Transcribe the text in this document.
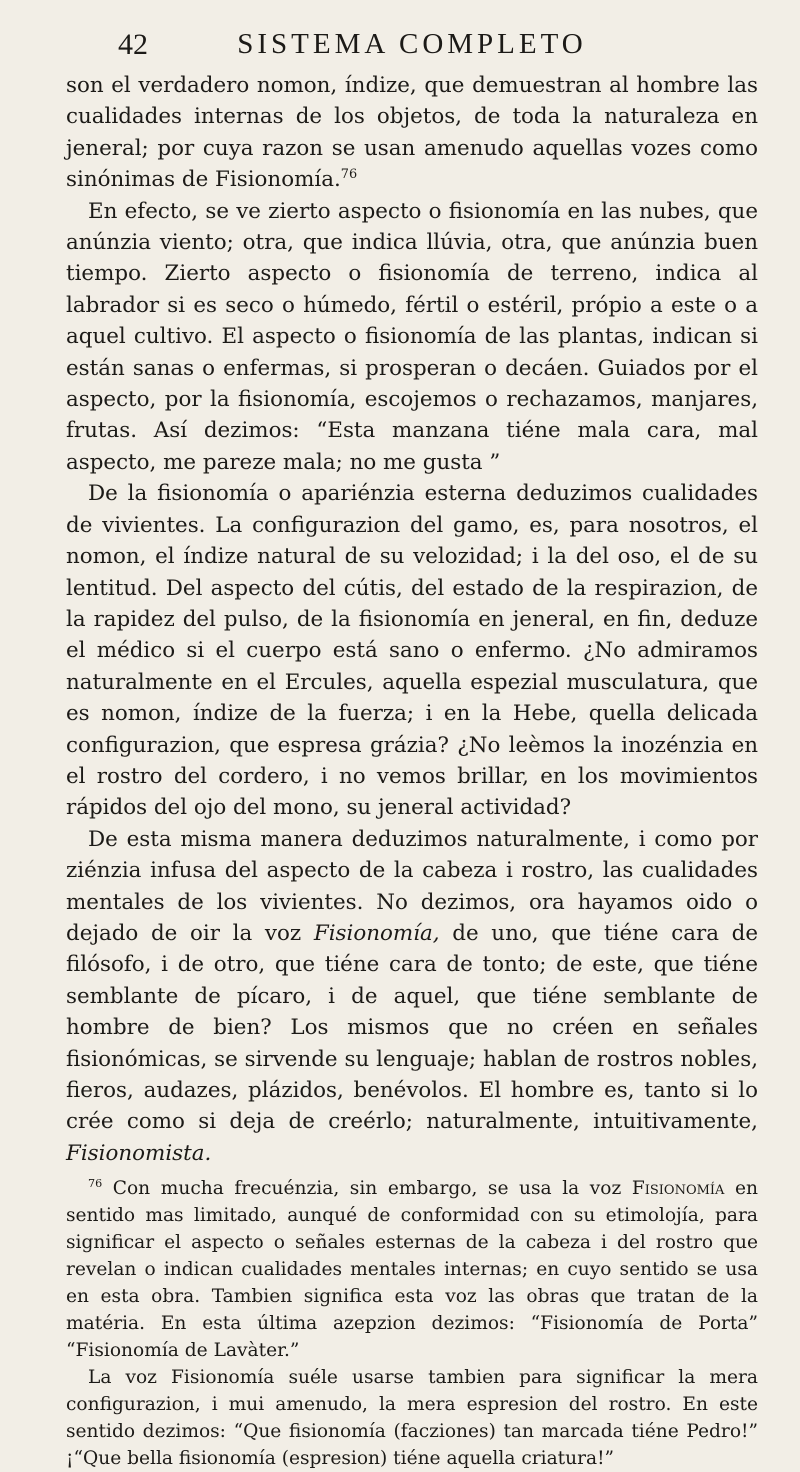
42	SISTEMA COMPLETO

son el verdadero nomon, índize, que demuestran al hombre las cualidades internas de los objetos, de toda la naturaleza en jeneral; por cuya razon se usan amenudo aquellas vozes como sinónimas de Fisionomía.$^{76}$

En efecto, se ve zierto aspecto o fisionomía en las nubes, que anúnzia viento; otra, que indica llúvia, otra, que anúnzia buen tiempo. Zierto aspecto o fisionomía de terreno, indica al labrador si es seco o húmedo, fértil o estéril, própio a este o a aquel cultivo. El aspecto o fisionomía de las plantas, indican si están sanas o enfermas, si prosperan o decáen. Guiados por el aspecto, por la fisionomía, escojemos o rechazamos, manjares, frutas. Así dezimos: “Esta manzana tiéne mala cara, mal aspecto, me pareze mala; no me gusta ”

De la fisionomía o apariénzia esterna deduzimos cualidades de vivientes. La configurazion del gamo, es, para nosotros, el nomon, el índize natural de su velozidad; i la del oso, el de su lentitud. Del aspecto del cútis, del estado de la respirazion, de la rapidez del pulso, de la fisionomía en jeneral, en fin, deduze el médico si el cuerpo está sano o enfermo. ¿No admiramos naturalmente en el Ercules, aquella espezial musculatura, que es nomon, índize de la fuerza; i en la Hebe, quella delicada configurazion, que espresa grázia? ¿No leèmos la inozénzia en el rostro del cordero, i no vemos brillar, en los movimientos rápidos del ojo del mono, su jeneral actividad?

De esta misma manera deduzimos naturalmente, i como por ziénzia infusa del aspecto de la cabeza i rostro, las cualidades mentales de los vivientes. No dezimos, ora hayamos oido o dejado de oir la voz Fisionomía, de uno, que tiéne cara de filósofo, i de otro, que tiéne cara de tonto; de este, que tiéne semblante de pícaro, i de aquel, que tiéne semblante de hombre de bien? Los mismos que no créen en señales fisionómicas, se sirvende su lenguaje; hablan de rostros nobles, fieros, audazes, plázidos, benévolos. El hombre es, tanto si lo crée como si deja de creérlo; naturalmente, intuitivamente, Fisionomista.

$^{76}$ Con mucha frecuénzia, sin embargo, se usa la voz Fisionomía en sentido mas limitado, aunqué de conformidad con su etimolojía, para significar el aspecto o señales esternas de la cabeza i del rostro que revelan o indican cualidades mentales internas; en cuyo sentido se usa en esta obra. Tambien significa esta voz las obras que tratan de la matéria. En esta última azepzion dezimos: “Fisionomía de Portа” “Fisionomía de Lavàter.”

La voz Fisionomía suéle usarse tambien para significar la mera configurazion, i mui amenudo, la mera espresion del rostro. En este sentido dezimos: “Que fisionomía (facziones) tan marcada tiéne Pedro!” ¡“Que bella fisionomía (espresion) tiéne aquella criatura!”
